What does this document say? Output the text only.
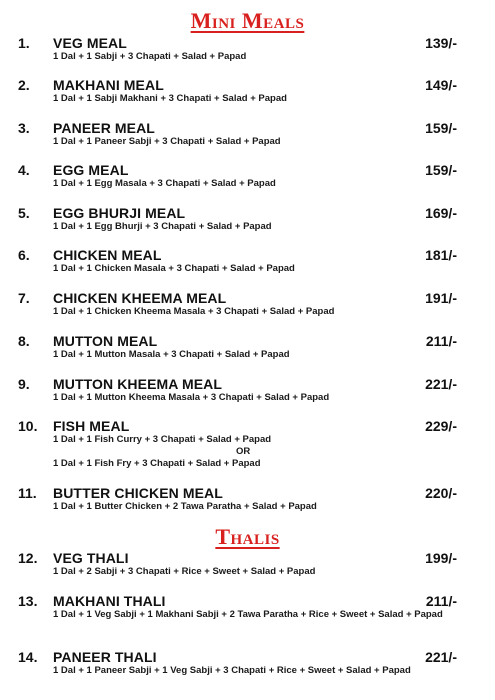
Mini Meals
1. VEG MEAL	139/-
1 Dal + 1 Sabji + 3 Chapati + Salad + Papad
2. MAKHANI MEAL	149/-
1 Dal + 1 Sabji Makhani + 3 Chapati + Salad + Papad
3. PANEER MEAL	159/-
1 Dal + 1 Paneer Sabji + 3 Chapati + Salad + Papad
4. EGG MEAL	159/-
1 Dal + 1 Egg Masala + 3 Chapati + Salad + Papad
5. EGG BHURJI MEAL	169/-
1 Dal + 1 Egg Bhurji + 3 Chapati + Salad + Papad
6. CHICKEN MEAL	181/-
1 Dal + 1 Chicken Masala + 3 Chapati + Salad + Papad
7. CHICKEN KHEEMA MEAL	191/-
1 Dal + 1 Chicken Kheema Masala + 3 Chapati + Salad + Papad
8. MUTTON MEAL	211/-
1 Dal + 1 Mutton Masala + 3 Chapati + Salad + Papad
9. MUTTON KHEEMA MEAL	221/-
1 Dal + 1 Mutton Kheema Masala + 3 Chapati + Salad + Papad
10. FISH MEAL	229/-
1 Dal + 1 Fish Curry + 3 Chapati + Salad + Papad
OR
1 Dal + 1 Fish Fry + 3 Chapati + Salad + Papad
11. BUTTER CHICKEN MEAL	220/-
1 Dal + 1 Butter Chicken + 2 Tawa Paratha + Salad + Papad
Thalis
12. VEG THALI	199/-
1 Dal + 2 Sabji + 3 Chapati + Rice + Sweet + Salad + Papad
13. MAKHANI THALI	211/-
1 Dal + 1 Veg Sabji + 1 Makhani Sabji + 2 Tawa Paratha + Rice + Sweet + Salad + Papad
14. PANEER THALI	221/-
1 Dal + 1 Paneer Sabji + 1 Veg Sabji + 3 Chapati + Rice + Sweet + Salad + Papad
